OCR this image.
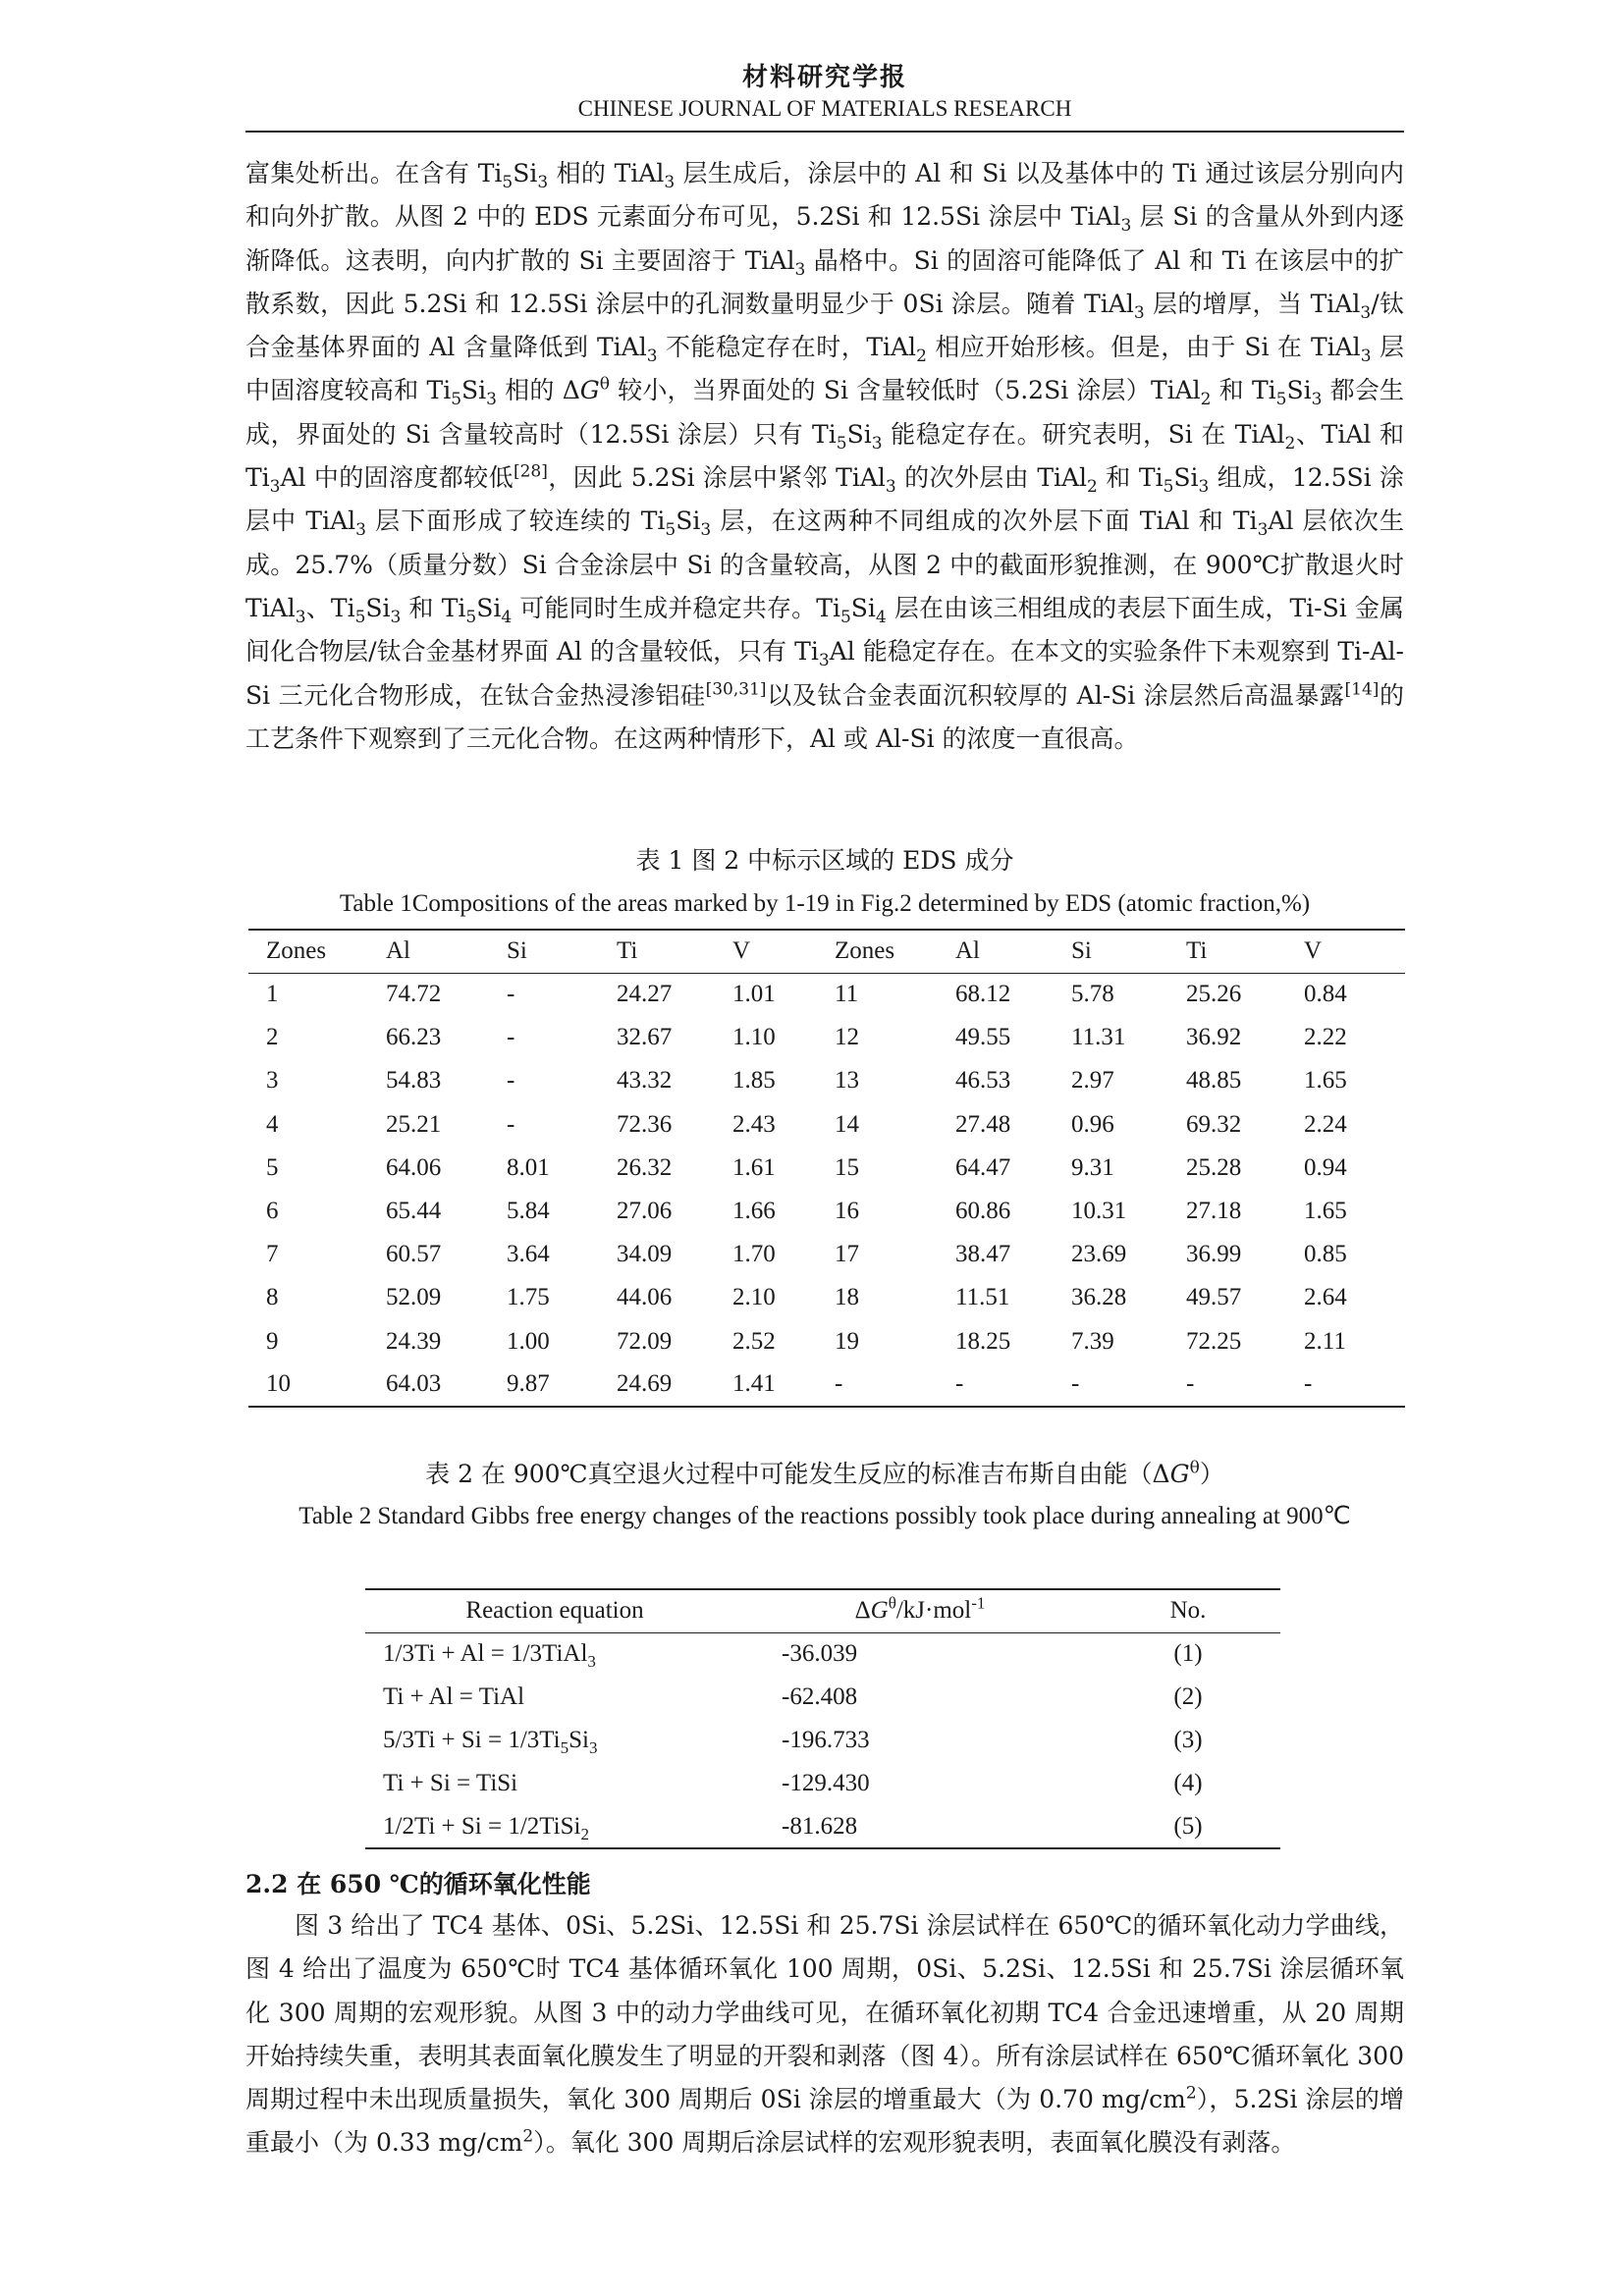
材料研究学报
CHINESE JOURNAL OF MATERIALS RESEARCH

富集处析出。在含有 $Ti_5Si_3$ 相的 TiAl$_3$ 层生成后，涂层中的 Al 和 Si 以及基体中的 Ti 通过该层分别向内和向外扩散。从图 2 中的 EDS 元素面分布可见，5.2Si 和 12.5Si 涂层中 TiAl$_3$ 层 Si 的含量从外到内逐渐降低。这表明，向内扩散的 Si 主要固溶于 TiAl$_3$ 晶格中。Si 的固溶可能降低了 Al 和 Ti 在该层中的扩散系数，因此 5.2Si 和 12.5Si 涂层中的孔洞数量明显少于 0Si 涂层。随着 TiAl$_3$ 层的增厚，当 TiAl$_3$/钛合金基体界面的 Al 含量降低到 TiAl$_3$ 不能稳定存在时，TiAl$_2$ 相应开始形核。但是，由于 Si 在 TiAl$_3$ 层中固溶度较高和 $Ti_5Si_3$ 相的 $\Delta G^\theta$ 较小，当界面处的 Si 含量较低时（5.2Si 涂层）TiAl$_2$ 和 $Ti_5Si_3$ 都会生成，界面处的 Si 含量较高时（12.5Si 涂层）只有 $Ti_5Si_3$ 能稳定存在。研究表明，Si 在 TiAl$_2$、TiAl 和 $Ti_3Al$ 中的固溶度都较低[28]，因此 5.2Si 涂层中紧邻 TiAl$_3$ 的次外层由 TiAl$_2$ 和 $Ti_5Si_3$ 组成，12.5Si 涂层中 TiAl$_3$ 层下面形成了较连续的 $Ti_5Si_3$ 层，在这两种不同组成的次外层下面 TiAl 和 $Ti_3Al$ 层依次生成。25.7%（质量分数）Si 合金涂层中 Si 的含量较高，从图 2 中的截面形貌推测，在 900℃扩散退火时 TiAl$_3$、$Ti_5Si_3$ 和 $Ti_5Si_4$ 可能同时生成并稳定共存。$Ti_5Si_4$ 层在由该三相组成的表层下面生成，Ti-Si 金属间化合物层/钛合金基材界面 Al 的含量较低，只有 $Ti_3Al$ 能稳定存在。在本文的实验条件下未观察到 Ti-Al-Si 三元化合物形成，在钛合金热浸渗铝硅[30,31]以及钛合金表面沉积较厚的 Al-Si 涂层然后高温暴露[14]的工艺条件下观察到了三元化合物。在这两种情形下，Al 或 Al-Si 的浓度一直很高。

表 1 图 2 中标示区域的 EDS 成分
Table 1Compositions of the areas marked by 1-19 in Fig.2 determined by EDS (atomic fraction,%)
Zones	Al	Si	Ti	V	Zones	Al	Si	Ti	V
1	74.72	-	24.27	1.01	11	68.12	5.78	25.26	0.84
2	66.23	-	32.67	1.10	12	49.55	11.31	36.92	2.22
3	54.83	-	43.32	1.85	13	46.53	2.97	48.85	1.65
4	25.21	-	72.36	2.43	14	27.48	0.96	69.32	2.24
5	64.06	8.01	26.32	1.61	15	64.47	9.31	25.28	0.94
6	65.44	5.84	27.06	1.66	16	60.86	10.31	27.18	1.65
7	60.57	3.64	34.09	1.70	17	38.47	23.69	36.99	0.85
8	52.09	1.75	44.06	2.10	18	11.51	36.28	49.57	2.64
9	24.39	1.00	72.09	2.52	19	18.25	7.39	72.25	2.11
10	64.03	9.87	24.69	1.41	-	-	-	-	-
表 2 在 900℃真空退火过程中可能发生反应的标准吉布斯自由能$(\Delta G^\theta)$
Table 2 Standard Gibbs free energy changes of the reactions possibly took place during annealing at 900℃
Reaction equation	$\Delta G^\theta/kJ\cdot mol^{-1}$	No.
1/3Ti + Al = 1/3TiAl$_3$	-36.039	(1)
Ti + Al = TiAl	-62.408	(2)
$5/3Ti + Si = 1/3Ti_5Si_3$	-196.733	(3)
Ti + Si = TiSi	-129.430	(4)
1/2Ti + Si = 1/2TiSi$_2$	-81.628	(5)
2.2 在 650 ℃的循环氧化性能

图 3 给出了 TC4 基体、0Si、5.2Si、12.5Si 和 25.7Si 涂层试样在 650℃的循环氧化动力学曲线，图 4 给出了温度为 650℃时 TC4 基体循环氧化 100 周期，0Si、5.2Si、12.5Si 和 25.7Si 涂层循环氧化 300 周期的宏观形貌。从图 3 中的动力学曲线可见，在循环氧化初期 TC4 合金迅速增重，从 20 周期开始持续失重，表明其表面氧化膜发生了明显的开裂和剥落（图 4）。所有涂层试样在 650℃循环氧化 300 周期过程中未出现质量损失，氧化 300 周期后 0Si 涂层的增重最大（为 0.70 $mg/cm^2$），5.2Si 涂层的增重最小（为 0.33 $mg/cm^2$）。氧化 300 周期后涂层试样的宏观形貌表明，表面氧化膜没有剥落。
